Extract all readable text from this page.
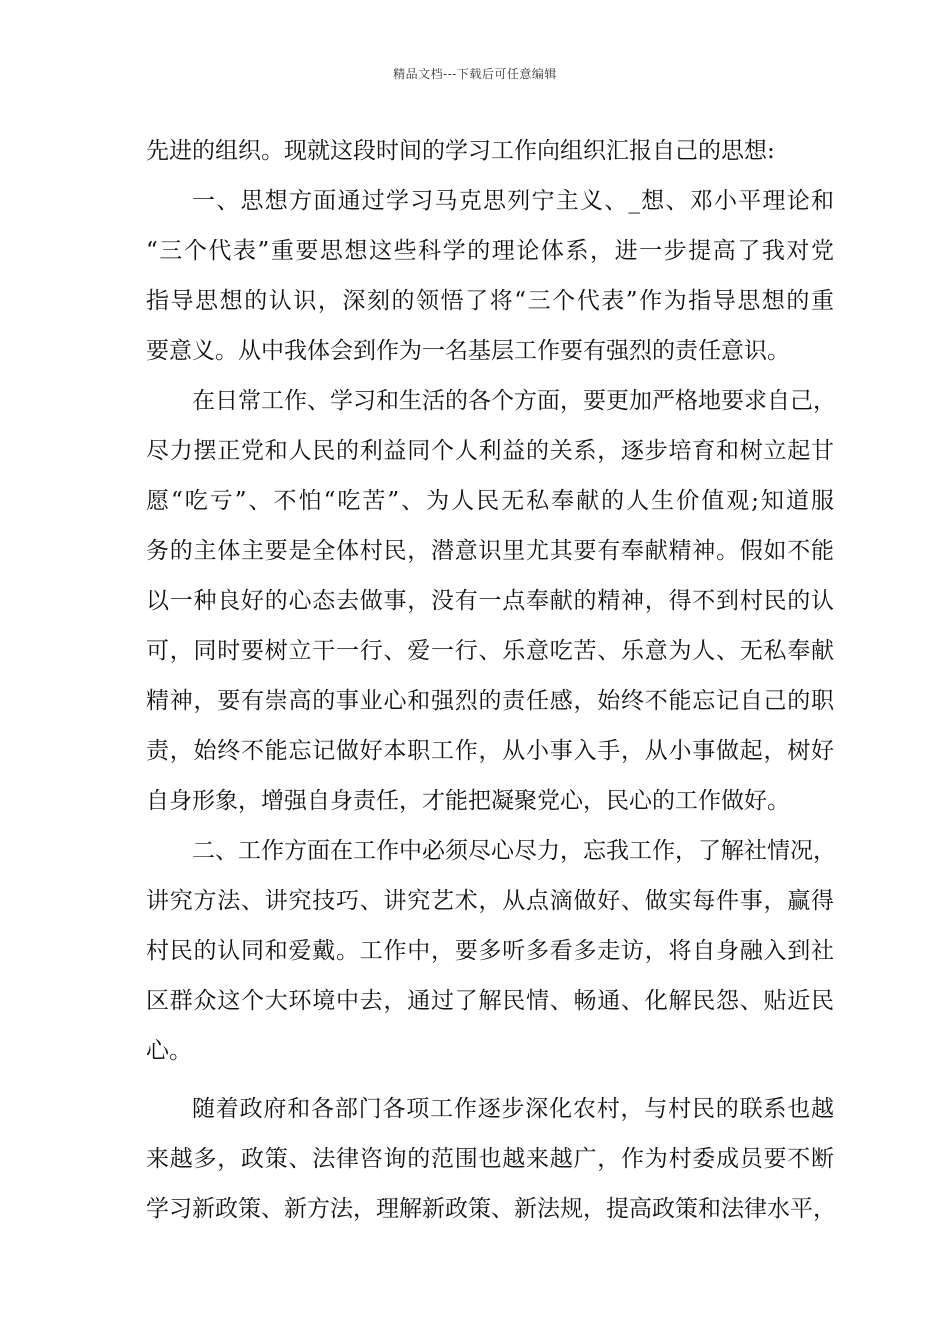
精品文档---下载后可任意编辑
先进的组织。现就这段时间的学习工作向组织汇报自己的思想:
一、思想方面通过学习马克思列宁主义、_想、邓小平理论和
“三个代表”重要思想这些科学的理论体系，进一步提高了我对党
指导思想的认识，深刻的领悟了将“三个代表”作为指导思想的重
要意义。从中我体会到作为一名基层工作要有强烈的责任意识。
在日常工作、学习和生活的各个方面，要更加严格地要求自己，
尽力摆正党和人民的利益同个人利益的关系，逐步培育和树立起甘
愿“吃亏”、不怕“吃苦”、为人民无私奉献的人生价值观;知道服
务的主体主要是全体村民，潜意识里尤其要有奉献精神。假如不能
以一种良好的心态去做事，没有一点奉献的精神，得不到村民的认
可，同时要树立干一行、爱一行、乐意吃苦、乐意为人、无私奉献
精神，要有崇高的事业心和强烈的责任感，始终不能忘记自己的职
责，始终不能忘记做好本职工作，从小事入手，从小事做起，树好
自身形象，增强自身责任，才能把凝聚党心，民心的工作做好。
二、工作方面在工作中必须尽心尽力，忘我工作，了解社情况，
讲究方法、讲究技巧、讲究艺术，从点滴做好、做实每件事，赢得
村民的认同和爱戴。工作中，要多听多看多走访，将自身融入到社
区群众这个大环境中去，通过了解民情、畅通、化解民怨、贴近民
心。
随着政府和各部门各项工作逐步深化农村，与村民的联系也越
来越多，政策、法律咨询的范围也越来越广，作为村委成员要不断
学习新政策、新方法，理解新政策、新法规，提高政策和法律水平，
